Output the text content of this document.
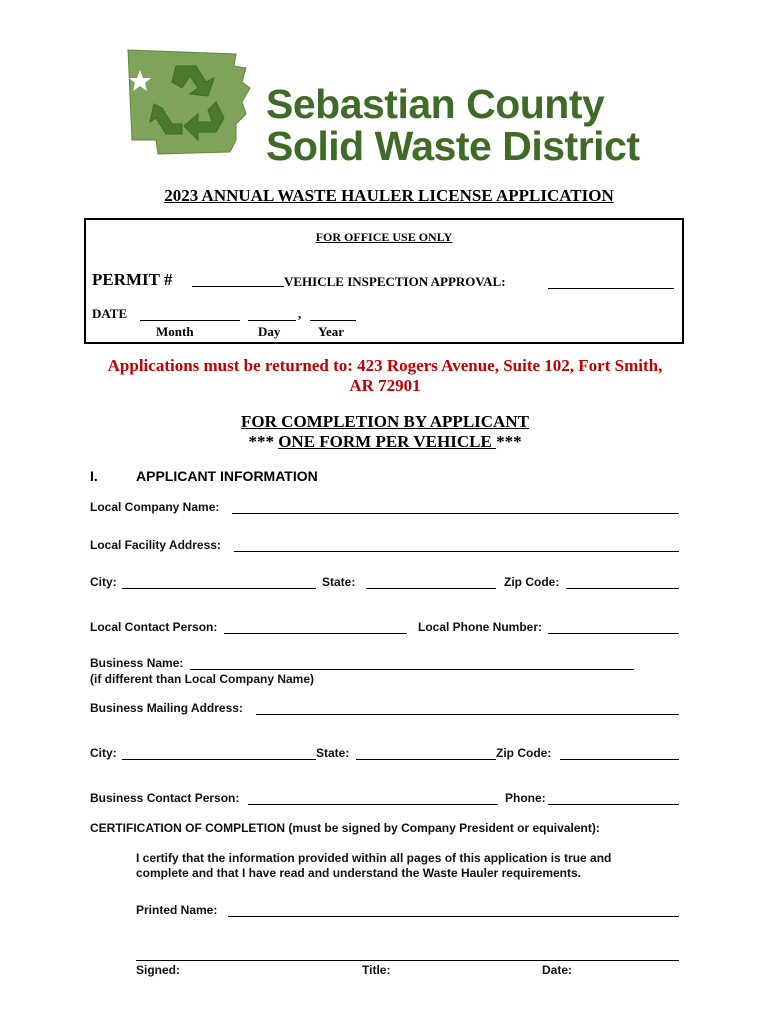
Sebastian County
Solid Waste District
2023 ANNUAL WASTE HAULER LICENSE APPLICATION
FOR OFFICE USE ONLY
PERMIT #	VEHICLE INSPECTION APPROVAL:
DATE	,
Month	Day	Year
Applications must be returned to: 423 Rogers Avenue, Suite 102, Fort Smith,
AR 72901
FOR COMPLETION BY APPLICANT
*** ONE FORM PER VEHICLE ***
I.	APPLICANT INFORMATION
Local Company Name:
Local Facility Address:
City:	State:	Zip Code:
Local Contact Person:	Local Phone Number:
Business Name:
(if different than Local Company Name)
Business Mailing Address:
City:	State:	Zip Code:
Business Contact Person:	Phone:
CERTIFICATION OF COMPLETION (must be signed by Company President or equivalent):
I certify that the information provided within all pages of this application is true and
complete and that I have read and understand the Waste Hauler requirements.
Printed Name:
Signed:	Title:	Date:
